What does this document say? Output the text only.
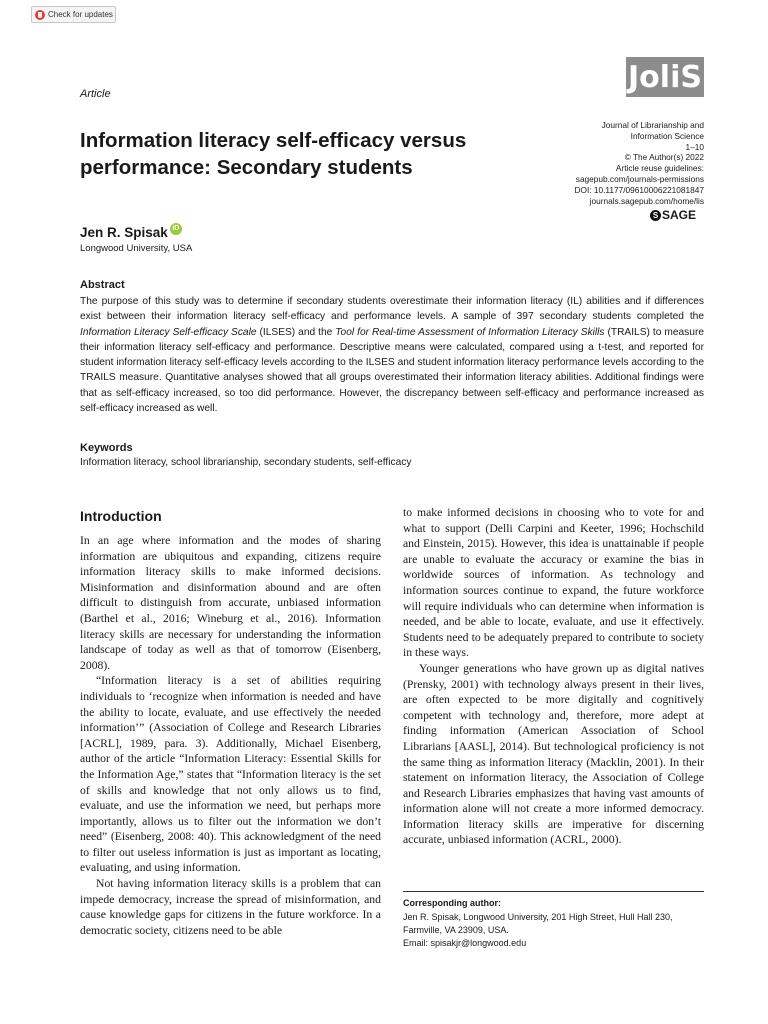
Check for updates
Article	JoliS
Information literacy self-efficacy versus performance: Secondary students
Journal of Librarianship and Information Science
1–10
© The Author(s) 2022
Article reuse guidelines:
sagepub.com/journals-permissions
DOI: 10.1177/09610006221081847
journals.sagepub.com/home/lis
S SAGE
Jen R. Spisak iD
Longwood University, USA
Abstract
The purpose of this study was to determine if secondary students overestimate their information literacy (IL) abilities and if differences exist between their information literacy self-efficacy and performance levels. A sample of 397 secondary students completed the Information Literacy Self-efficacy Scale (ILSES) and the Tool for Real-time Assessment of Information Literacy Skills (TRAILS) to measure their information literacy self-efficacy and performance. Descriptive means were calculated, compared using a t-test, and reported for student information literacy self-efficacy levels according to the ILSES and student information literacy performance levels according to the TRAILS measure. Quantitative analyses showed that all groups overestimated their information literacy abilities. Additional findings were that as self-efficacy increased, so too did performance. However, the discrepancy between self-efficacy and performance increased as self-efficacy increased as well.
Keywords
Information literacy, school librarianship, secondary students, self-efficacy
Introduction

In an age where information and the modes of sharing information are ubiquitous and expanding, citizens require information literacy skills to make informed decisions. Misinformation and disinformation abound and are often difficult to distinguish from accurate, unbiased information (Barthel et al., 2016; Wineburg et al., 2016). Information literacy skills are necessary for understanding the information landscape of today as well as that of tomorrow (Eisenberg, 2008).

“Information literacy is a set of abilities requiring individuals to ‘recognize when information is needed and have the ability to locate, evaluate, and use effectively the needed information’” (Association of College and Research Libraries [ACRL], 1989, para. 3). Additionally, Michael Eisenberg, author of the article “Information Literacy: Essential Skills for the Information Age,” states that “Information literacy is the set of skills and knowledge that not only allows us to find, evaluate, and use the information we need, but perhaps more importantly, allows us to filter out the information we don’t need” (Eisenberg, 2008: 40). This acknowledgment of the need to filter out useless information is just as important as locating, evaluating, and using information.

Not having information literacy skills is a problem that can impede democracy, increase the spread of misinformation, and cause knowledge gaps for citizens in the future workforce. In a democratic society, citizens need to be able

to make informed decisions in choosing who to vote for and what to support (Delli Carpini and Keeter, 1996; Hochschild and Einstein, 2015). However, this idea is unattainable if people are unable to evaluate the accuracy or examine the bias in worldwide sources of information. As technology and information sources continue to expand, the future workforce will require individuals who can determine when information is needed, and be able to locate, evaluate, and use it effectively. Students need to be adequately prepared to contribute to society in these ways.

Younger generations who have grown up as digital natives (Prensky, 2001) with technology always present in their lives, are often expected to be more digitally and cognitively competent with technology and, therefore, more adept at finding information (American Association of School Librarians [AASL], 2014). But technological proficiency is not the same thing as information literacy (Macklin, 2001). In their statement on information literacy, the Association of College and Research Libraries emphasizes that having vast amounts of information alone will not create a more informed democracy. Information literacy skills are imperative for discerning accurate, unbiased information (ACRL, 2000).

Corresponding author:
Jen R. Spisak, Longwood University, 201 High Street, Hull Hall 230, Farmville, VA 23909, USA.
Email: spisakjr@longwood.edu
